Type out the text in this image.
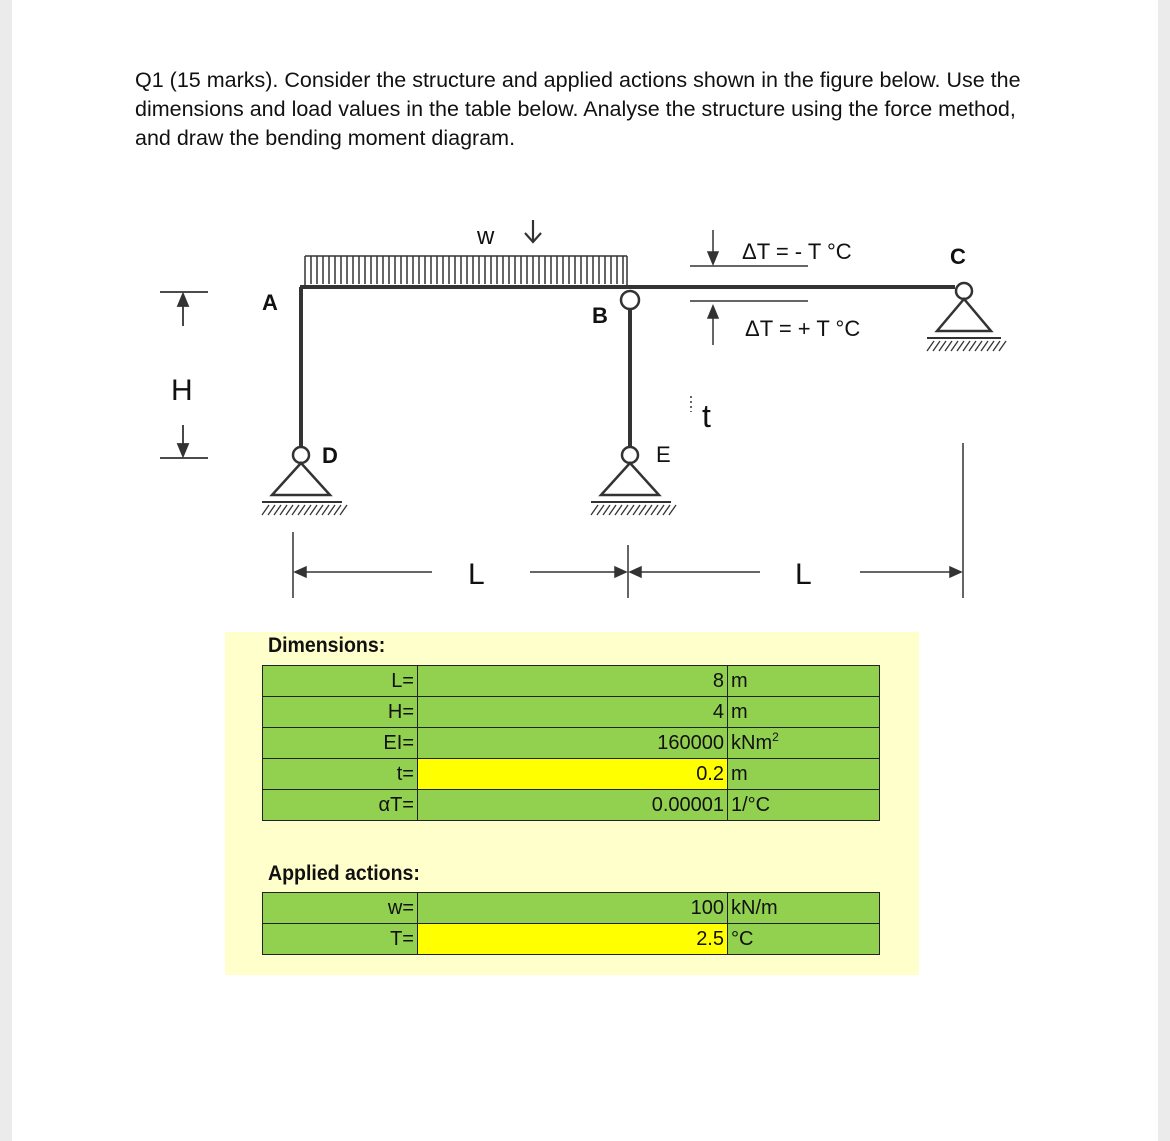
Q1 (15 marks). Consider the structure and applied actions shown in the figure below. Use the dimensions and load values in the table below. Analyse the structure using the force method, and draw the bending moment diagram.

w
ΔT = - T °C
ΔT = + T °C
t
H
L	L
A
B
C
D	E
Dimensions:
L=	8	m
H=	4	m
EI=	160000	kNm$^2$
t=	0.2	m
αT=	0.00001	1/°C
Applied actions:
w=	100	kN/m
T=	2.5	°C
